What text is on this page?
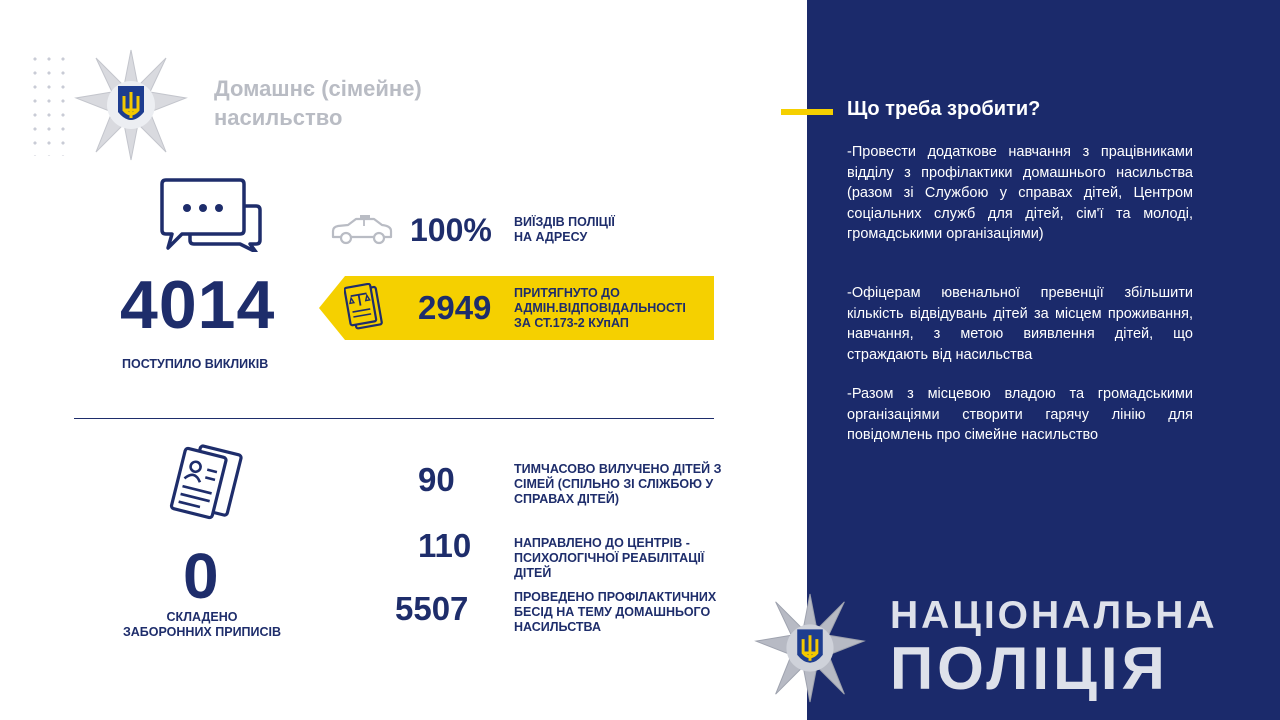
Домашнє (сімейне) насильство
4014
ПОСТУПИЛО ВИКЛИКІВ
100% ВИЇЗДІВ ПОЛІЦІЇ НА АДРЕСУ
2949 ПРИТЯГНУТО ДО АДМІН.ВІДПОВІДАЛЬНОСТІ ЗА СТ.173-2 КУпАП
0
СКЛАДЕНО ЗАБОРОННИХ ПРИПИСІВ
90	ТИМЧАСОВО ВИЛУЧЕНО ДІТЕЙ З СІМЕЙ (СПІЛЬНО ЗІ СЛІЖБОЮ У СПРАВАХ ДІТЕЙ)
110	НАПРАВЛЕНО ДО ЦЕНТРІВ - ПСИХОЛОГІЧНОЇ РЕАБІЛІТАЦІЇ ДІТЕЙ
5507	ПРОВЕДЕНО ПРОФІЛАКТИЧНИХ БЕСІД НА ТЕМУ ДОМАШНЬОГО НАСИЛЬСТВА
Що треба зробити?
-Провести додаткове навчання з працівниками відділу з профілактики домашнього насильства (разом зі Службою у справах дітей, Центром соціальних служб для дітей, сім'ї та молоді, громадськими організаціями)
-Офіцерам ювенальної превенції збільшити кількість відвідувань дітей за місцем проживання, навчання, з метою виявлення дітей, що страждають від насильства
-Разом з місцевою владою та громадськими організаціями створити гарячу лінію для повідомлень про сімейне насильство
НАЦІОНАЛЬНА
ПОЛІЦІЯ
